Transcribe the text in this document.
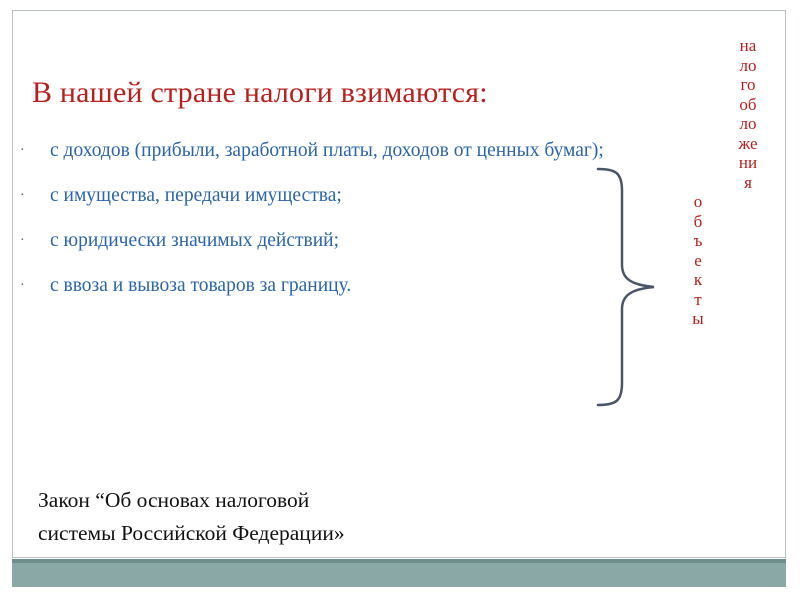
В нашей стране налоги взимаются:
· с доходов (прибыли, заработной платы, доходов от ценных бумаг);
· с имущества, передачи имущества;
· с юридически значимых действий;
· с ввоза и вывоза товаров за границу.
о
б
ъ
е
к
т
ы
на
ло
го
об
ло
же
ни
я
Закон “Об основах налоговой
системы Российской Федерации»
